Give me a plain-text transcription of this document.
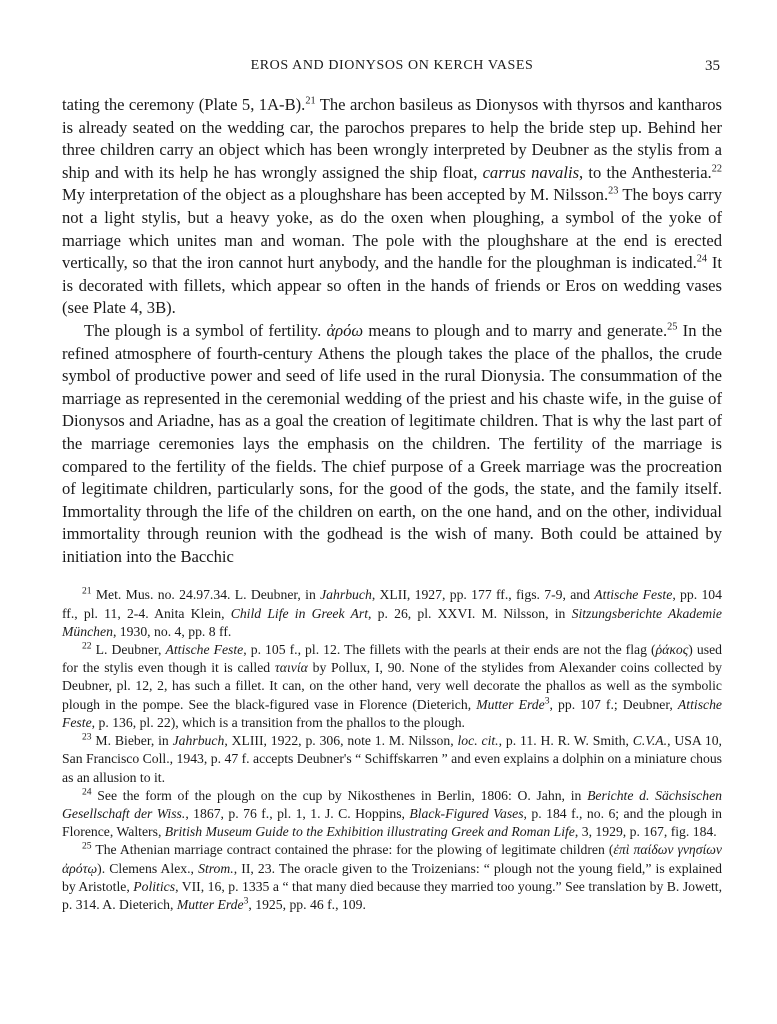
EROS AND DIONYSOS ON KERCH VASES	35

tating the ceremony (Plate 5, 1A-B).$^{21}$ The archon basileus as Dionysos with thyrsos and kantharos is already seated on the wedding car, the parochos prepares to help the bride step up. Behind her three children carry an object which has been wrongly interpreted by Deubner as the stylis from a ship and with its help he has wrongly assigned the ship float, carrus navalis, to the Anthesteria.$^{22}$ My interpretation of the object as a ploughshare has been accepted by M. Nilsson.$^{23}$ The boys carry not a light stylis, but a heavy yoke, as do the oxen when ploughing, a symbol of the yoke of marriage which unites man and woman. The pole with the ploughshare at the end is erected vertically, so that the iron cannot hurt anybody, and the handle for the ploughman is indicated.$^{24}$ It is decorated with fillets, which appear so often in the hands of friends or Eros on wedding vases (see Plate 4, 3B).

The plough is a symbol of fertility. ἀρόω means to plough and to marry and generate.$^{25}$ In the refined atmosphere of fourth-century Athens the plough takes the place of the phallos, the crude symbol of productive power and seed of life used in the rural Dionysia. The consummation of the marriage as represented in the ceremonial wedding of the priest and his chaste wife, in the guise of Dionysos and Ariadne, has as a goal the creation of legitimate children. That is why the last part of the marriage ceremonies lays the emphasis on the children. The fertility of the marriage is compared to the fertility of the fields. The chief purpose of a Greek marriage was the procreation of legitimate children, particularly sons, for the good of the gods, the state, and the family itself. Immortality through the life of the children on earth, on the one hand, and on the other, individual immortality through reunion with the godhead is the wish of many. Both could be attained by initiation into the Bacchic

$^{21}$ Met. Mus. no. 24.97.34. L. Deubner, in Jahrbuch, XLII, 1927, pp. 177 ff., figs. 7-9, and Attische Feste, pp. 104 ff., pl. 11, 2-4. Anita Klein, Child Life in Greek Art, p. 26, pl. XXVI. M. Nilsson, in Sitzungsberichte Akademie München, 1930, no. 4, pp. 8 ff.

$^{22}$ L. Deubner, Attische Feste, p. 105 f., pl. 12. The fillets with the pearls at their ends are not the flag (ῥάκος) used for the stylis even though it is called ταινία by Pollux, I, 90. None of the stylides from Alexander coins collected by Deubner, pl. 12, 2, has such a fillet. It can, on the other hand, very well decorate the phallos as well as the symbolic plough in the pompe. See the black-figured vase in Florence (Dieterich, Mutter Erde$^3$, pp. 107 f.; Deubner, Attische Feste, p. 136, pl. 22), which is a transition from the phallos to the plough.

$^{23}$ M. Bieber, in Jahrbuch, XLIII, 1922, p. 306, note 1. M. Nilsson, loc. cit., p. 11. H. R. W. Smith, C.V.A., USA 10, San Francisco Coll., 1943, p. 47 f. accepts Deubner's “ Schiffskarren ” and even explains a dolphin on a miniature chous as an allusion to it.

$^{24}$ See the form of the plough on the cup by Nikosthenes in Berlin, 1806: O. Jahn, in Berichte d. Sächsischen Gesellschaft der Wiss., 1867, p. 76 f., pl. 1, 1. J. C. Hoppins, Black-Figured Vases, p. 184 f., no. 6; and the plough in Florence, Walters, British Museum Guide to the Exhibition illustrating Greek and Roman Life, 3, 1929, p. 167, fig. 184.

$^{25}$ The Athenian marriage contract contained the phrase: for the plowing of legitimate children (ἐπὶ παίδων γνησίων ἀρότῳ). Clemens Alex., Strom., II, 23. The oracle given to the Troizenians: “ plough not the young field,” is explained by Aristotle, Politics, VII, 16, p. 1335 a “ that many died because they married too young.” See translation by B. Jowett, p. 314. A. Dieterich, Mutter Erde$^3$, 1925, pp. 46 f., 109.
